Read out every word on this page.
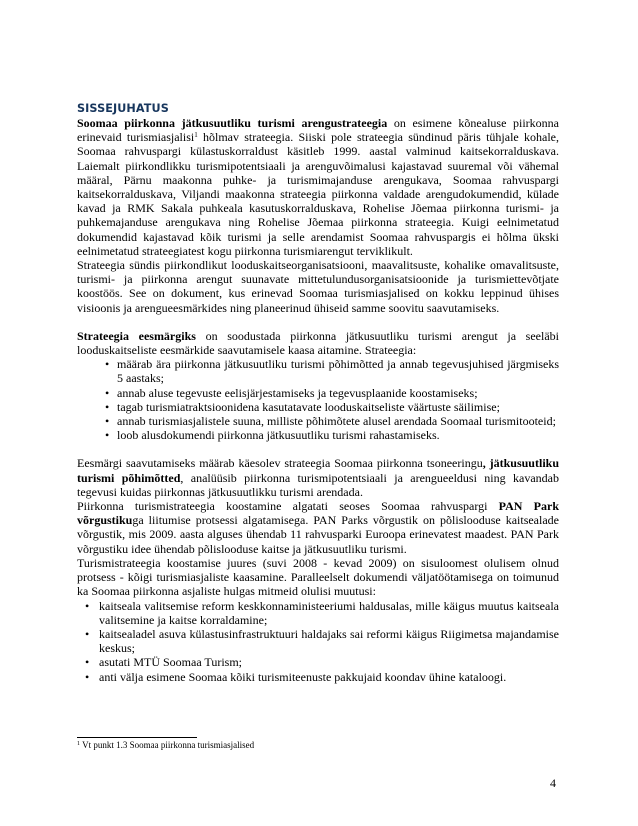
SISSEJUHATUS

Soomaa piirkonna jätkusuutliku turismi arengustrateegia on esimene kõnealuse piirkonna erinevaid turismiasjalisi$^1$ hõlmav strateegia. Siiski pole strateegia sündinud päris tühjale kohale, Soomaa rahvuspargi külastuskorraldust käsitleb 1999. aastal valminud kaitsekorralduskava. Laiemalt piirkondlikku turismipotentsiaali ja arenguvõimalusi kajastavad suuremal või vähemal määral, Pärnu maakonna puhke- ja turismimajanduse arengukava, Soomaa rahvuspargi kaitsekorralduskava, Viljandi maakonna strateegia piirkonna valdade arengudokumendid, külade kavad ja RMK Sakala puhkeala kasutuskorralduskava, Rohelise Jõemaa piirkonna turismi- ja puhkemajanduse arengukava ning Rohelise Jõemaa piirkonna strateegia. Kuigi eelnimetatud dokumendid kajastavad kõik turismi ja selle arendamist Soomaa rahvuspargis ei hõlma ükski eelnimetatud strateegiatest kogu piirkonna turismiarengut terviklikult.

Strateegia sündis piirkondlikut looduskaitseorganisatsiooni, maavalitsuste, kohalike omavalitsuste, turismi- ja piirkonna arengut suunavate mittetulundusorganisatsioonide ja turismiettevõtjate koostöös. See on dokument, kus erinevad Soomaa turismiasjalised on kokku leppinud ühises visioonis ja arengueesmärkides ning planeerinud ühiseid samme soovitu saavutamiseks.

Strateegia eesmärgiks on soodustada piirkonna jätkusuutliku turismi arengut ja seeläbi looduskaitseliste eesmärkide saavutamisele kaasa aitamine. Strateegia:

• määrab ära piirkonna jätkusuutliku turismi põhimõtted ja annab tegevusjuhised järgmiseks 5 aastaks;
• annab aluse tegevuste eelisjärjestamiseks ja tegevusplaanide koostamiseks;
• tagab turismiatraktsioonidena kasutatavate looduskaitseliste väärtuste säilimise;
• annab turismiasjalistele suuna, milliste põhimõtete alusel arendada Soomaal turismitooteid;
• loob alusdokumendi piirkonna jätkusuutliku turismi rahastamiseks.

Eesmärgi saavutamiseks määrab käesolev strateegia Soomaa piirkonna tsoneeringu, jätkusuutliku turismi põhimõtted, analüüsib piirkonna turismipotentsiaali ja arengueeldusi ning kavandab tegevusi kuidas piirkonnas jätkusuutlikku turismi arendada.

Piirkonna turismistrateegia koostamine algatati seoses Soomaa rahvuspargi PAN Park võrgustikuga liitumise protsessi algatamisega. PAN Parks võrgustik on põlislooduse kaitsealade võrgustik, mis 2009. aasta alguses ühendab 11 rahvusparki Euroopa erinevatest maadest. PAN Park võrgustiku idee ühendab põlislooduse kaitse ja jätkusuutliku turismi.

Turismistrateegia koostamise juures (suvi 2008 - kevad 2009) on sisuloomest olulisem olnud protsess - kõigi turismiasjaliste kaasamine. Paralleelselt dokumendi väljatöötamisega on toimunud ka Soomaa piirkonna asjaliste hulgas mitmeid olulisi muutusi:

• kaitseala valitsemise reform keskkonnaministeeriumi haldusalas, mille käigus muutus kaitseala valitsemine ja kaitse korraldamine;
• kaitsealadel asuva külastusinfrastruktuuri haldajaks sai reformi käigus Riigimetsa majandamise keskus;
• asutati MTÜ Soomaa Turism;
• anti välja esimene Soomaa kõiki turismiteenuste pakkujaid koondav ühine kataloogi.
$^1$ Vt punkt 1.3 Soomaa piirkonna turismiasjalised
4
